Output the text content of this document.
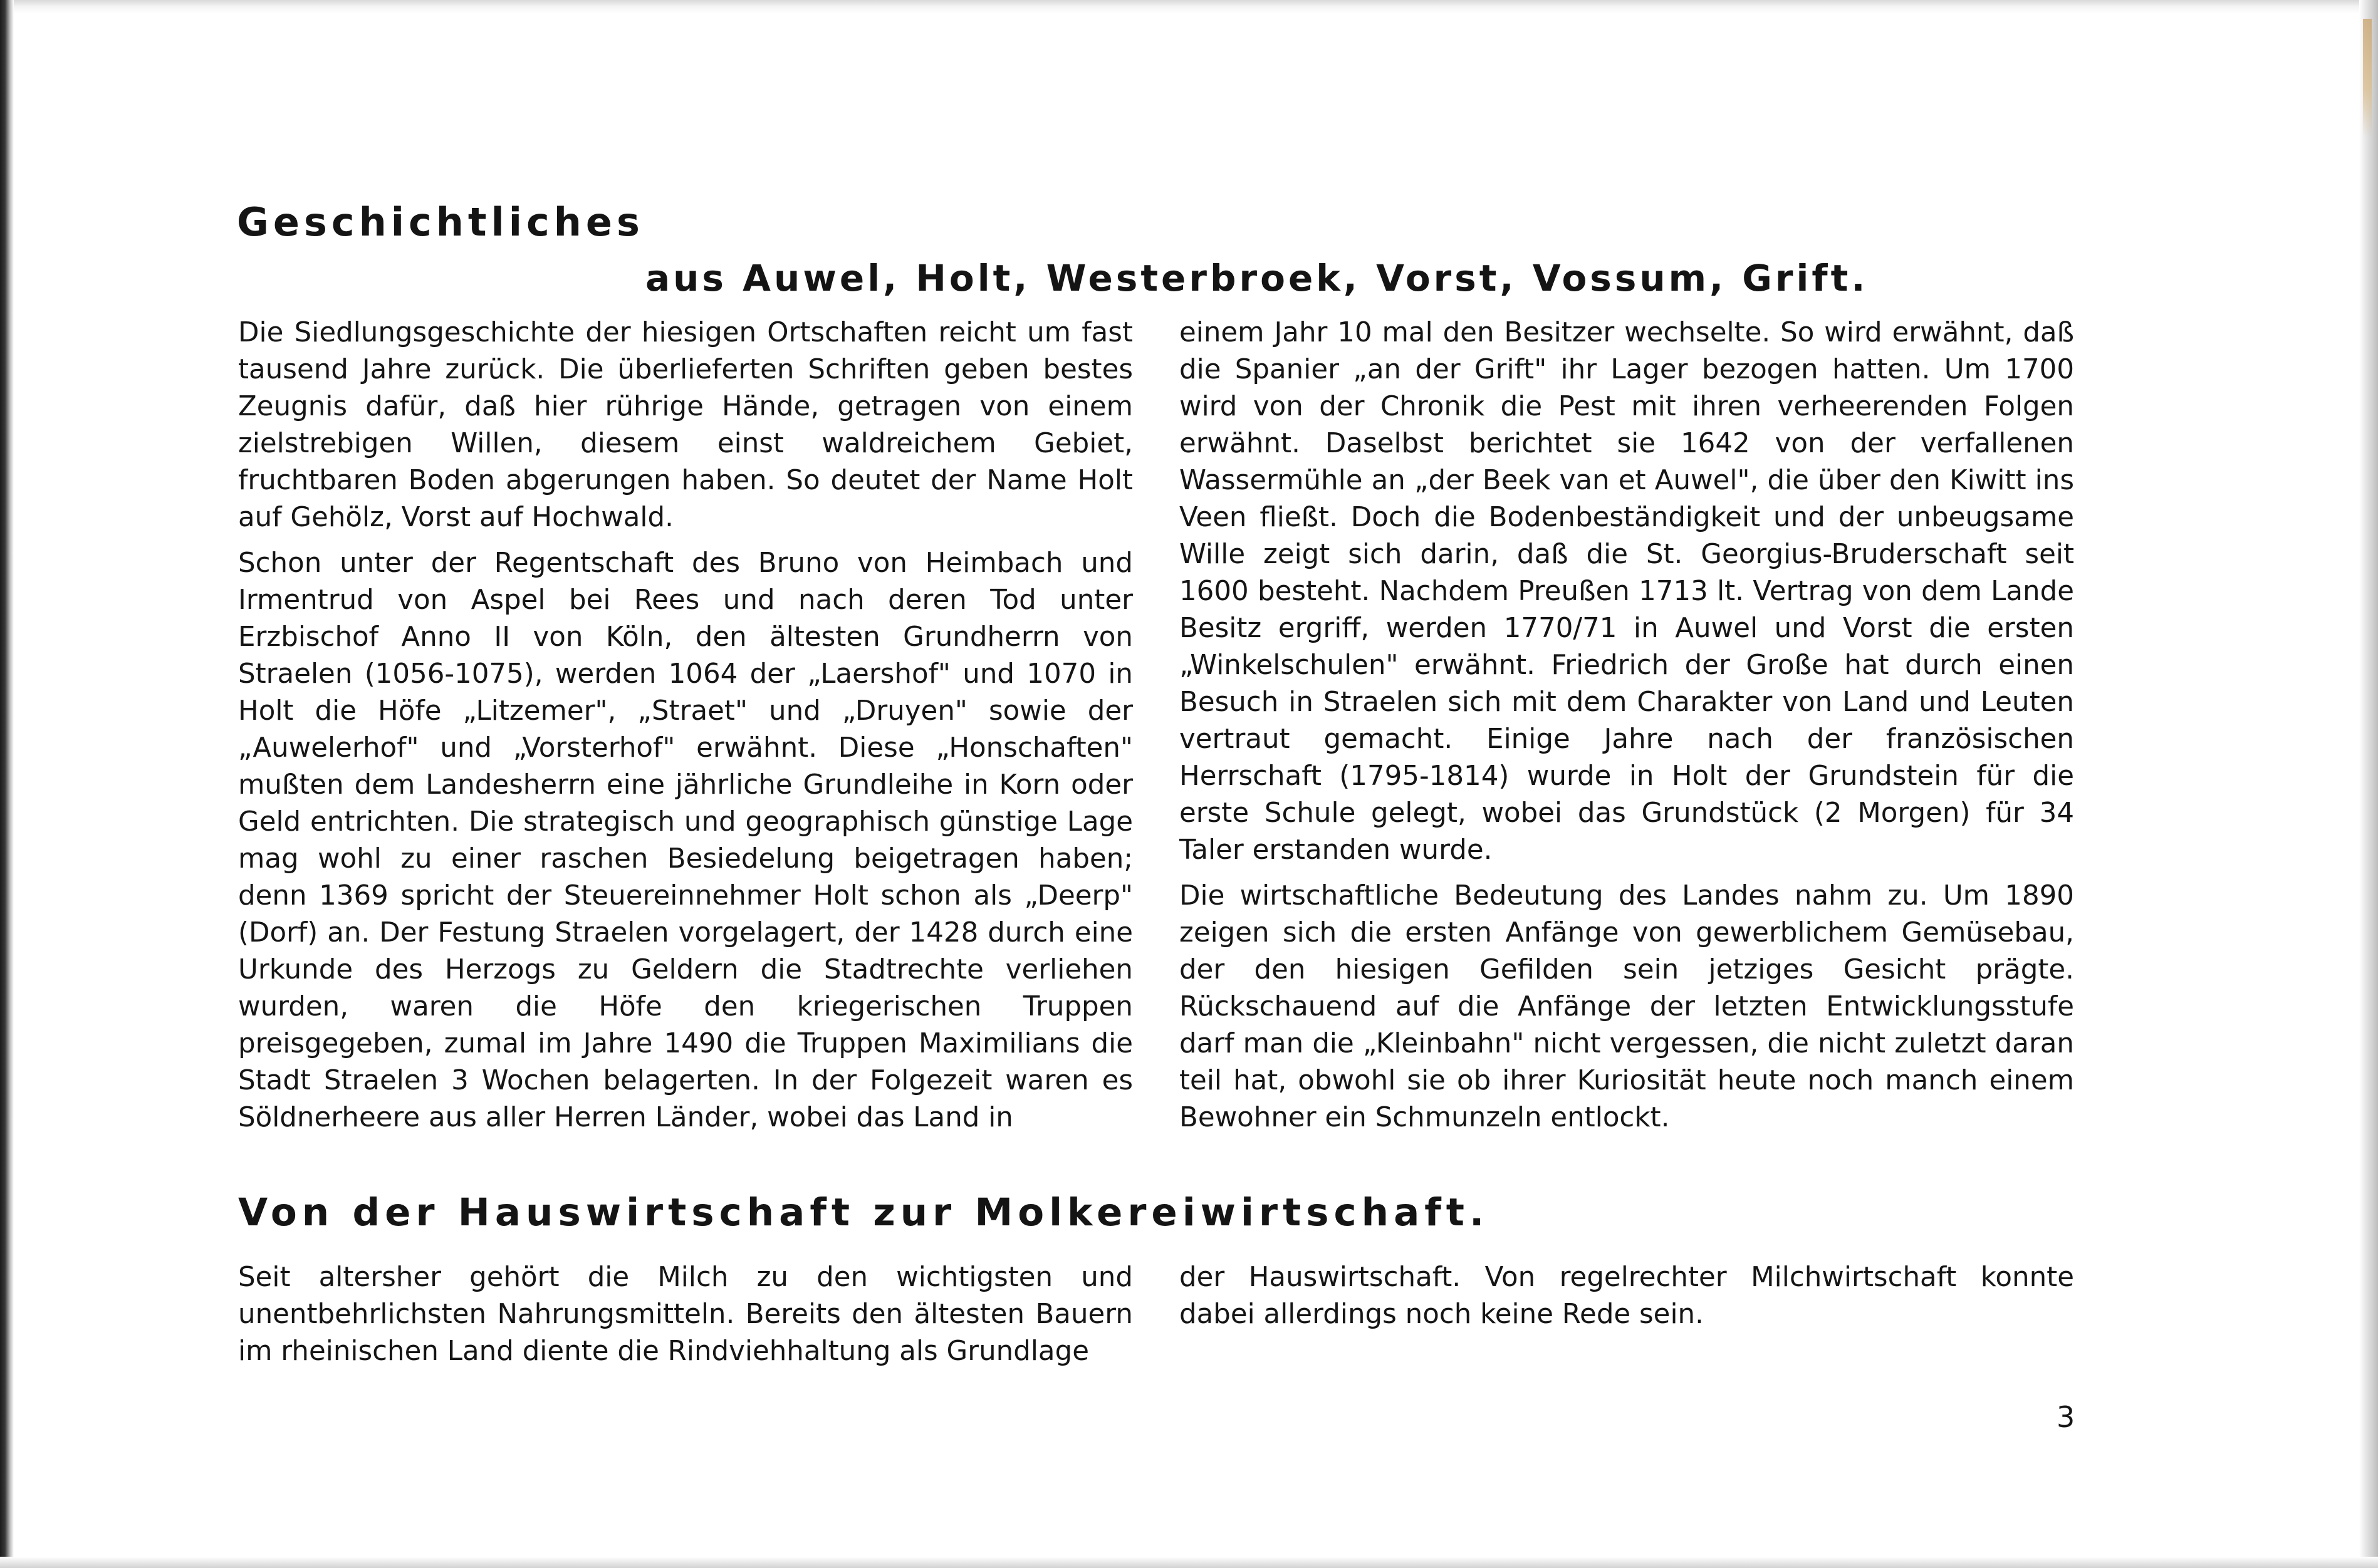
Geschichtliches
aus Auwel, Holt, Westerbroek, Vorst, Vossum, Grift.

Die Siedlungsgeschichte der hiesigen Ortschaften reicht um fast tausend Jahre zurück. Die überlieferten Schriften geben bestes Zeugnis dafür, daß hier rührige Hände, getragen von einem zielstrebigen Willen, diesem einst waldreichem Gebiet, fruchtbaren Boden abgerungen haben. So deutet der Name Holt auf Gehölz, Vorst auf Hochwald.

Schon unter der Regentschaft des Bruno von Heimbach und Irmentrud von Aspel bei Rees und nach deren Tod unter Erzbischof Anno II von Köln, den ältesten Grundherrn von Straelen (1056-1075), werden 1064 der „Laershof" und 1070 in Holt die Höfe „Litzemer", „Straet" und „Druyen" sowie der „Auwelerhof" und „Vorsterhof" erwähnt. Diese „Honschaften" mußten dem Landesherrn eine jährliche Grundleihe in Korn oder Geld entrichten. Die strategisch und geographisch günstige Lage mag wohl zu einer raschen Besiedelung beigetragen haben; denn 1369 spricht der Steuereinnehmer Holt schon als „Deerp" (Dorf) an. Der Festung Straelen vorgelagert, der 1428 durch eine Urkunde des Herzogs zu Geldern die Stadtrechte verliehen wurden, waren die Höfe den kriegerischen Truppen preisgegeben, zumal im Jahre 1490 die Truppen Maximilians die Stadt Straelen 3 Wochen belagerten. In der Folgezeit waren es Söldnerheere aus aller Herren Länder, wobei das Land in

einem Jahr 10 mal den Besitzer wechselte. So wird erwähnt, daß die Spanier „an der Grift" ihr Lager bezogen hatten. Um 1700 wird von der Chronik die Pest mit ihren verheerenden Folgen erwähnt. Daselbst berichtet sie 1642 von der verfallenen Wassermühle an „der Beek van et Auwel", die über den Kiwitt ins Veen fließt. Doch die Bodenbeständigkeit und der unbeugsame Wille zeigt sich darin, daß die St. Georgius-Bruderschaft seit 1600 besteht. Nachdem Preußen 1713 lt. Vertrag von dem Lande Besitz ergriff, werden 1770/71 in Auwel und Vorst die ersten „Winkelschulen" erwähnt. Friedrich der Große hat durch einen Besuch in Straelen sich mit dem Charakter von Land und Leuten vertraut gemacht. Einige Jahre nach der französischen Herrschaft (1795-1814) wurde in Holt der Grundstein für die erste Schule gelegt, wobei das Grundstück (2 Morgen) für 34 Taler erstanden wurde.

Die wirtschaftliche Bedeutung des Landes nahm zu. Um 1890 zeigen sich die ersten Anfänge von gewerblichem Gemüsebau, der den hiesigen Gefilden sein jetziges Gesicht prägte. Rückschauend auf die Anfänge der letzten Entwicklungsstufe darf man die „Kleinbahn" nicht vergessen, die nicht zuletzt daran teil hat, obwohl sie ob ihrer Kuriosität heute noch manch einem Bewohner ein Schmunzeln entlockt.

Von der Hauswirtschaft zur Molkereiwirtschaft.

Seit altersher gehört die Milch zu den wichtigsten und unentbehrlichsten Nahrungsmitteln. Bereits den ältesten Bauern im rheinischen Land diente die Rindviehhaltung als Grundlage

der Hauswirtschaft. Von regelrechter Milchwirtschaft konnte dabei allerdings noch keine Rede sein.

3
